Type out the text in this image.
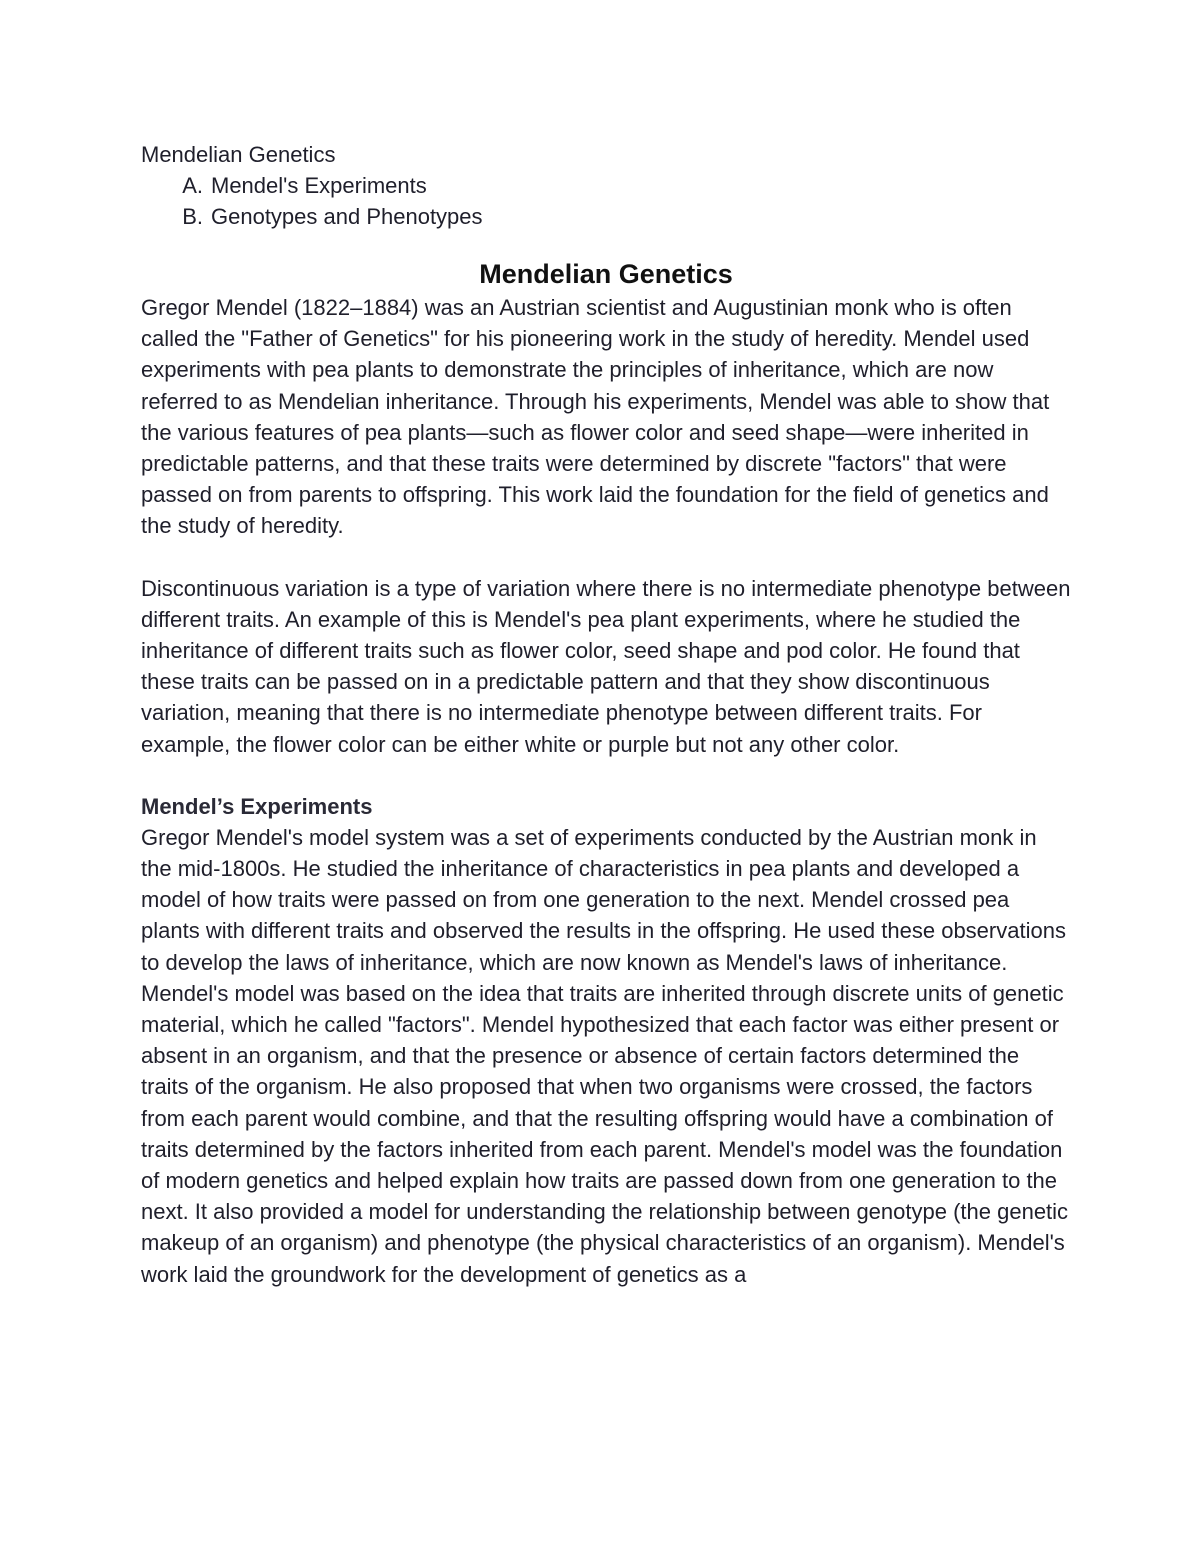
Mendelian Genetics

A. Mendel's Experiments
B. Genotypes and Phenotypes
Mendelian Genetics

Gregor Mendel (1822–1884) was an Austrian scientist and Augustinian monk who is often called the "Father of Genetics" for his pioneering work in the study of heredity. Mendel used experiments with pea plants to demonstrate the principles of inheritance, which are now referred to as Mendelian inheritance. Through his experiments, Mendel was able to show that the various features of pea plants—such as flower color and seed shape—were inherited in predictable patterns, and that these traits were determined by discrete "factors" that were passed on from parents to offspring. This work laid the foundation for the field of genetics and the study of heredity.

Discontinuous variation is a type of variation where there is no intermediate phenotype between different traits. An example of this is Mendel's pea plant experiments, where he studied the inheritance of different traits such as flower color, seed shape and pod color. He found that these traits can be passed on in a predictable pattern and that they show discontinuous variation, meaning that there is no intermediate phenotype between different traits. For example, the flower color can be either white or purple but not any other color.

Mendel’s Experiments

Gregor Mendel's model system was a set of experiments conducted by the Austrian monk in the mid-1800s. He studied the inheritance of characteristics in pea plants and developed a model of how traits were passed on from one generation to the next. Mendel crossed pea plants with different traits and observed the results in the offspring. He used these observations to develop the laws of inheritance, which are now known as Mendel's laws of inheritance. Mendel's model was based on the idea that traits are inherited through discrete units of genetic material, which he called "factors". Mendel hypothesized that each factor was either present or absent in an organism, and that the presence or absence of certain factors determined the traits of the organism. He also proposed that when two organisms were crossed, the factors from each parent would combine, and that the resulting offspring would have a combination of traits determined by the factors inherited from each parent. Mendel's model was the foundation of modern genetics and helped explain how traits are passed down from one generation to the next. It also provided a model for understanding the relationship between genotype (the genetic makeup of an organism) and phenotype (the physical characteristics of an organism). Mendel's work laid the groundwork for the development of genetics as a
